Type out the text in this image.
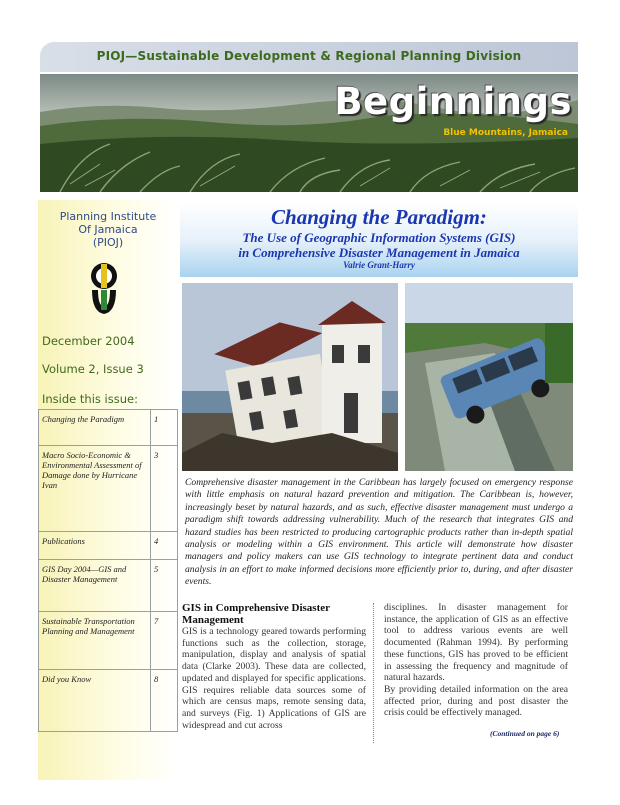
PIOJ—Sustainable Development & Regional Planning Division
Beginnings
Blue Mountains, Jamaica
Planning Institute
Of Jamaica
(PIOJ)
December 2004
Volume 2, Issue 3
Inside this issue:
Changing the Paradigm	1
Macro Socio-Economic & Environmental Assessment of Damage done by Hurricane Ivan	3
Publications	4
GIS Day 2004—GIS and Disaster Management	5
Sustainable Transportation Planning and Management	7
Did you Know	8
Changing the Paradigm:
The Use of Geographic Information Systems (GIS)
in Comprehensive Disaster Management in Jamaica
Valrie Grant-Harry
Comprehensive disaster management in the Caribbean has largely focused on emergency response with little emphasis on natural hazard prevention and mitigation. The Caribbean is, however, increasingly beset by natural hazards, and as such, effective disaster management must undergo a paradigm shift towards addressing vulnerability. Much of the research that integrates GIS and hazard studies has been restricted to producing cartographic products rather than in-depth spatial analysis or modeling within a GIS environment. This article will demonstrate how disaster managers and policy makers can use GIS technology to integrate pertinent data and conduct analysis in an effort to make informed decisions more efficiently prior to, during, and after disaster events.
GIS in Comprehensive Disaster Management
GIS is a technology geared towards performing functions such as the collection, storage, manipulation, display and analysis of spatial data (Clarke 2003). These data are collected, updated and displayed for specific applications. GIS requires reliable data sources some of which are census maps, remote sensing data, and surveys (Fig. 1) Applications of GIS are widespread and cut across
disciplines. In disaster management for instance, the application of GIS as an effective tool to address various events are well documented (Rahman 1994). By performing these functions, GIS has proved to be efficient in assessing the frequency and magnitude of natural hazards.
By providing detailed information on the area affected prior, during and post disaster the crisis could be effectively managed.
(Continued on page 6)
